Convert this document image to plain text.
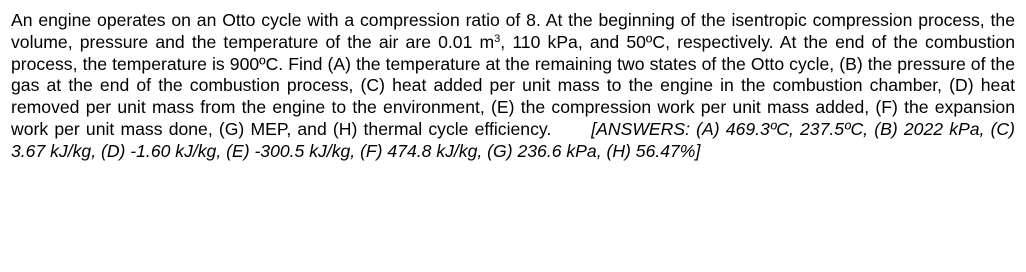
An engine operates on an Otto cycle with a compression ratio of 8. At the beginning of the isentropic compression process, the volume, pressure and the temperature of the air are 0.01 $m^3$, 110 kPa, and 50ºC, respectively. At the end of the combustion process, the temperature is 900ºC. Find (A) the temperature at the remaining two states of the Otto cycle, (B) the pressure of the gas at the end of the combustion process, (C) heat added per unit mass to the engine in the combustion chamber, (D) heat removed per unit mass from the engine to the environment, (E) the compression work per unit mass added, (F) the expansion work per unit mass done, (G) MEP, and (H) thermal cycle efficiency. [ANSWERS: (A) 469.3ºC, 237.5ºC, (B) 2022 kPa, (C) 3.67 kJ/kg, (D) -1.60 kJ/kg, (E) -300.5 kJ/kg, (F) 474.8 kJ/kg, (G) 236.6 kPa, (H) 56.47%]
